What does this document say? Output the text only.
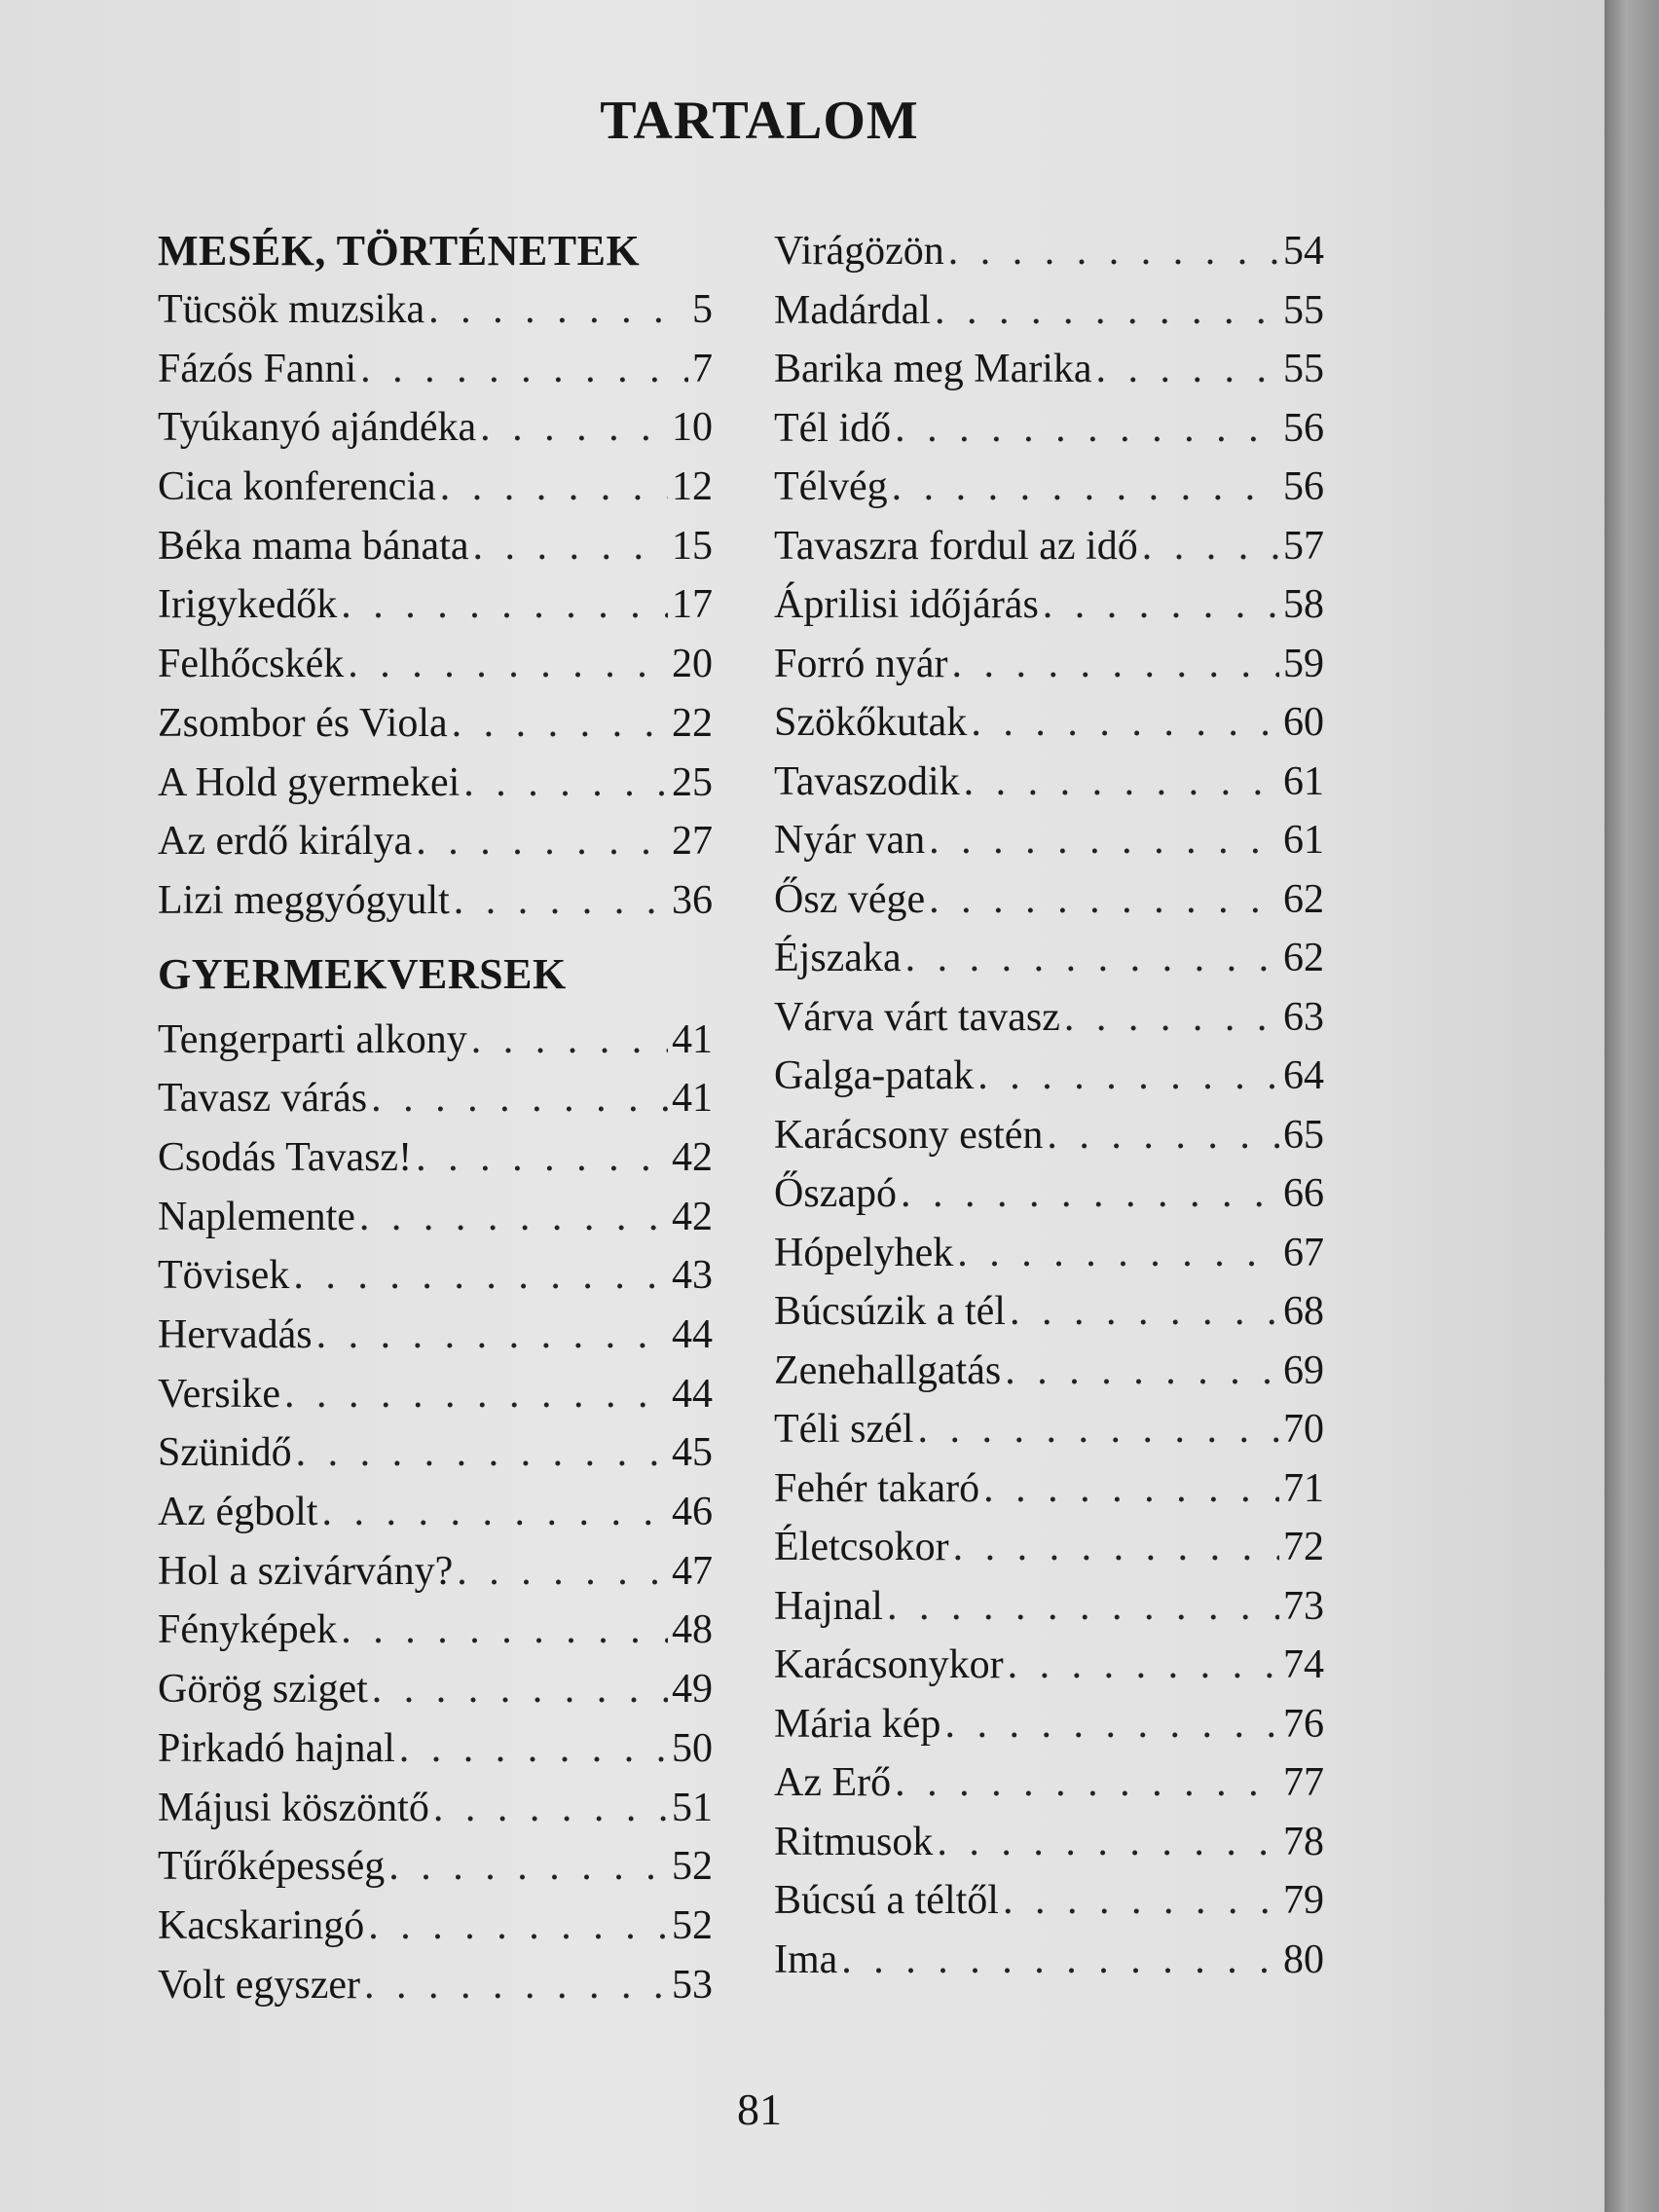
TARTALOM
MESÉK, TÖRTÉNETEK
Tücsök muzsika . . .	5
Fázós Fanni . . .	7
Tyúkanyó ajándéka . . .	10
Cica konferencia . . .	12
Béka mama bánata . . .	15
Irigykedők . . .	17
Felhőcskék . . .	20
Zsombor és Viola . . .	22
A Hold gyermekei . . .	25
Az erdő királya . . .	27
Lizi meggyógyult . . .	36
GYERMEKVERSEK
Tengerparti alkony . . .	41
Tavasz várás . . .	41
Csodás Tavasz! . . .	42
Naplemente . . .	42
Tövisek . . .	43
Hervadás . . .	44
Versike . . .	44
Szünidő . . .	45
Az égbolt . . .	46
Hol a szivárvány? . . .	47
Fényképek . . .	48
Görög sziget . . .	49
Pirkadó hajnal . . .	50
Májusi köszöntő . . .	51
Tűrőképesség . . .	52
Kacskaringó . . .	52
Volt egyszer . . .	53
Virágözön . . .	54
Madárdal . . .	55
Barika meg Marika . . .	55
Tél idő . . .	56
Télvég . . .	56
Tavaszra fordul az idő . . .	57
Áprilisi időjárás . . .	58
Forró nyár . . .	59
Szökőkutak . . .	60
Tavaszodik . . .	61
Nyár van . . .	61
Ősz vége . . .	62
Éjszaka . . .	62
Várva várt tavasz . . .	63
Galga-patak . . .	64
Karácsony estén . . .	65
Őszapó . . .	66
Hópelyhek . . .	67
Búcsúzik a tél . . .	68
Zenehallgatás . . .	69
Téli szél . . .	70
Fehér takaró . . .	71
Életcsokor . . .	72
Hajnal . . .	73
Karácsonykor . . .	74
Mária kép . . .	76
Az Erő . . .	77
Ritmusok . . .	78
Búcsú a téltől . . .	79
Ima . . .	80
81
